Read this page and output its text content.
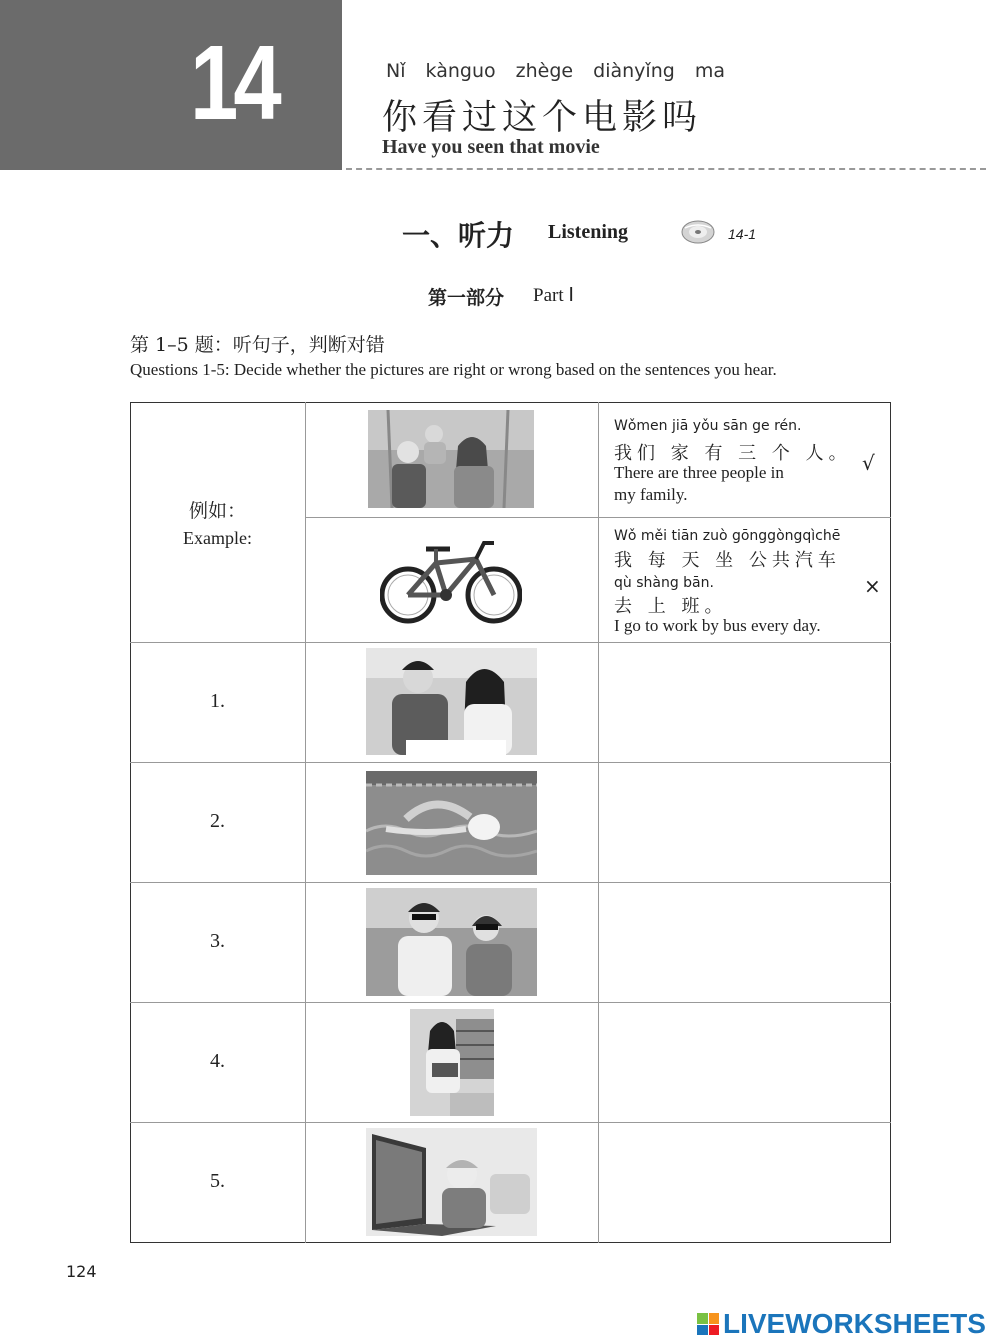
14	Nǐ kànguo zhège diànyǐng ma
你看过这个电影吗
Have you seen that movie
一、听力 Listening	14-1
第一部分 Part Ⅰ
第 1–5 题：听句子，判断对错
Questions 1-5: Decide whether the pictures are right or wrong based on the sentences you hear.
例如：
Example:
Wǒmen jiā yǒu sān ge rén.
我们 家 有 三 个 人。
There are three people in
my family.
√
Wǒ měi tiān zuò gōnggòngqìchē
我 每 天 坐 公共汽车
qù shàng bān.
去 上 班。
I go to work by bus every day.
×
1.
2.
3.
4.
5.
124
LIVEWORKSHEETS
